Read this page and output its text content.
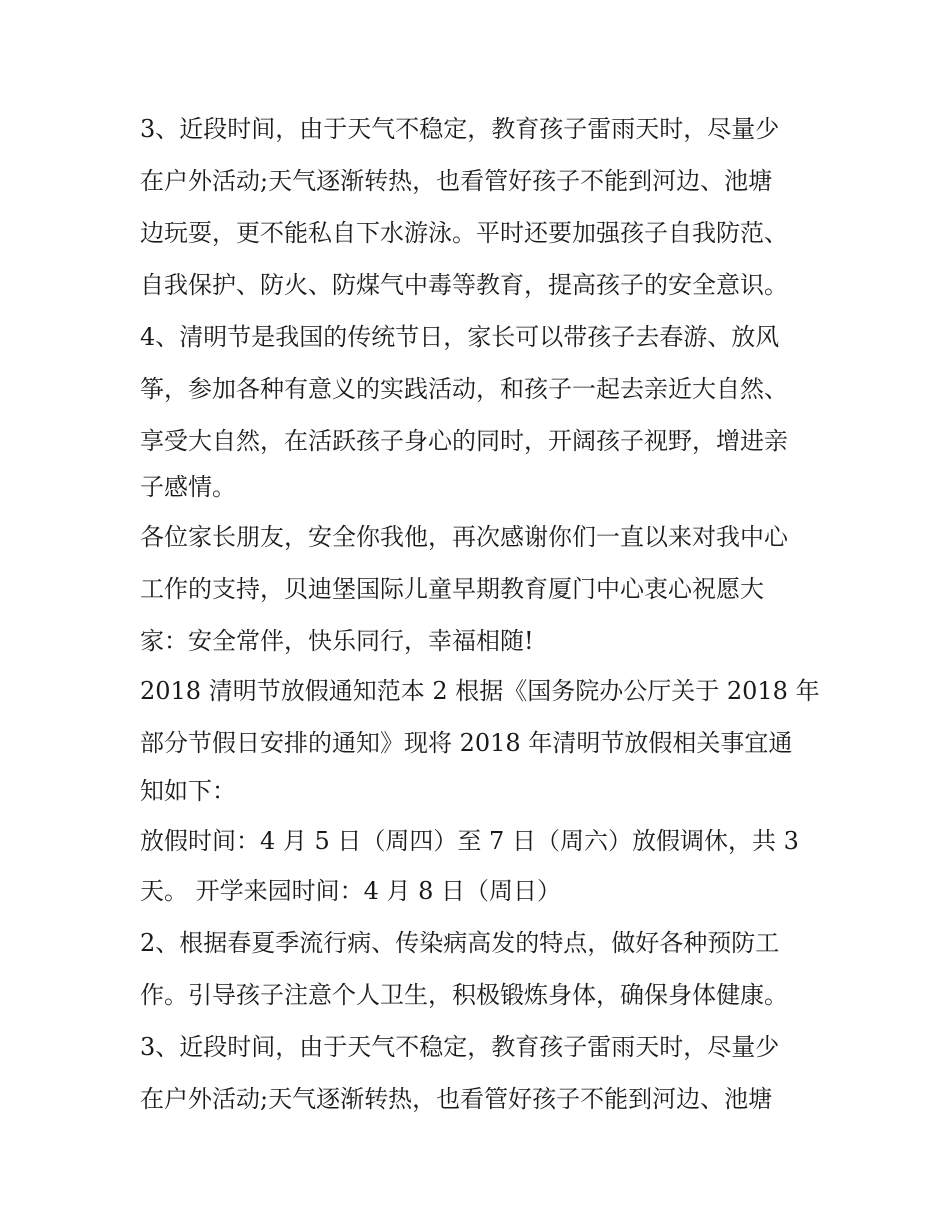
3、近段时间，由于天气不稳定，教育孩子雷雨天时，尽量少

在户外活动;天气逐渐转热，也看管好孩子不能到河边、池塘

边玩耍，更不能私自下水游泳。平时还要加强孩子自我防范、

自我保护、防火、防煤气中毒等教育，提高孩子的安全意识。

4、清明节是我国的传统节日，家长可以带孩子去春游、放风

筝，参加各种有意义的实践活动，和孩子一起去亲近大自然、

享受大自然，在活跃孩子身心的同时，开阔孩子视野，增进亲

子感情。

各位家长朋友，安全你我他，再次感谢你们一直以来对我中心

工作的支持，贝迪堡国际儿童早期教育厦门中心衷心祝愿大

家：安全常伴，快乐同行，幸福相随!

2018 清明节放假通知范本 2 根据《国务院办公厅关于 2018 年

部分节假日安排的通知》现将 2018 年清明节放假相关事宜通

知如下：

放假时间：4 月 5 日（周四）至 7 日（周六）放假调休，共 3

天。 开学来园时间：4 月 8 日（周日）

2、根据春夏季流行病、传染病高发的特点，做好各种预防工

作。引导孩子注意个人卫生，积极锻炼身体，确保身体健康。

3、近段时间，由于天气不稳定，教育孩子雷雨天时，尽量少

在户外活动;天气逐渐转热，也看管好孩子不能到河边、池塘
